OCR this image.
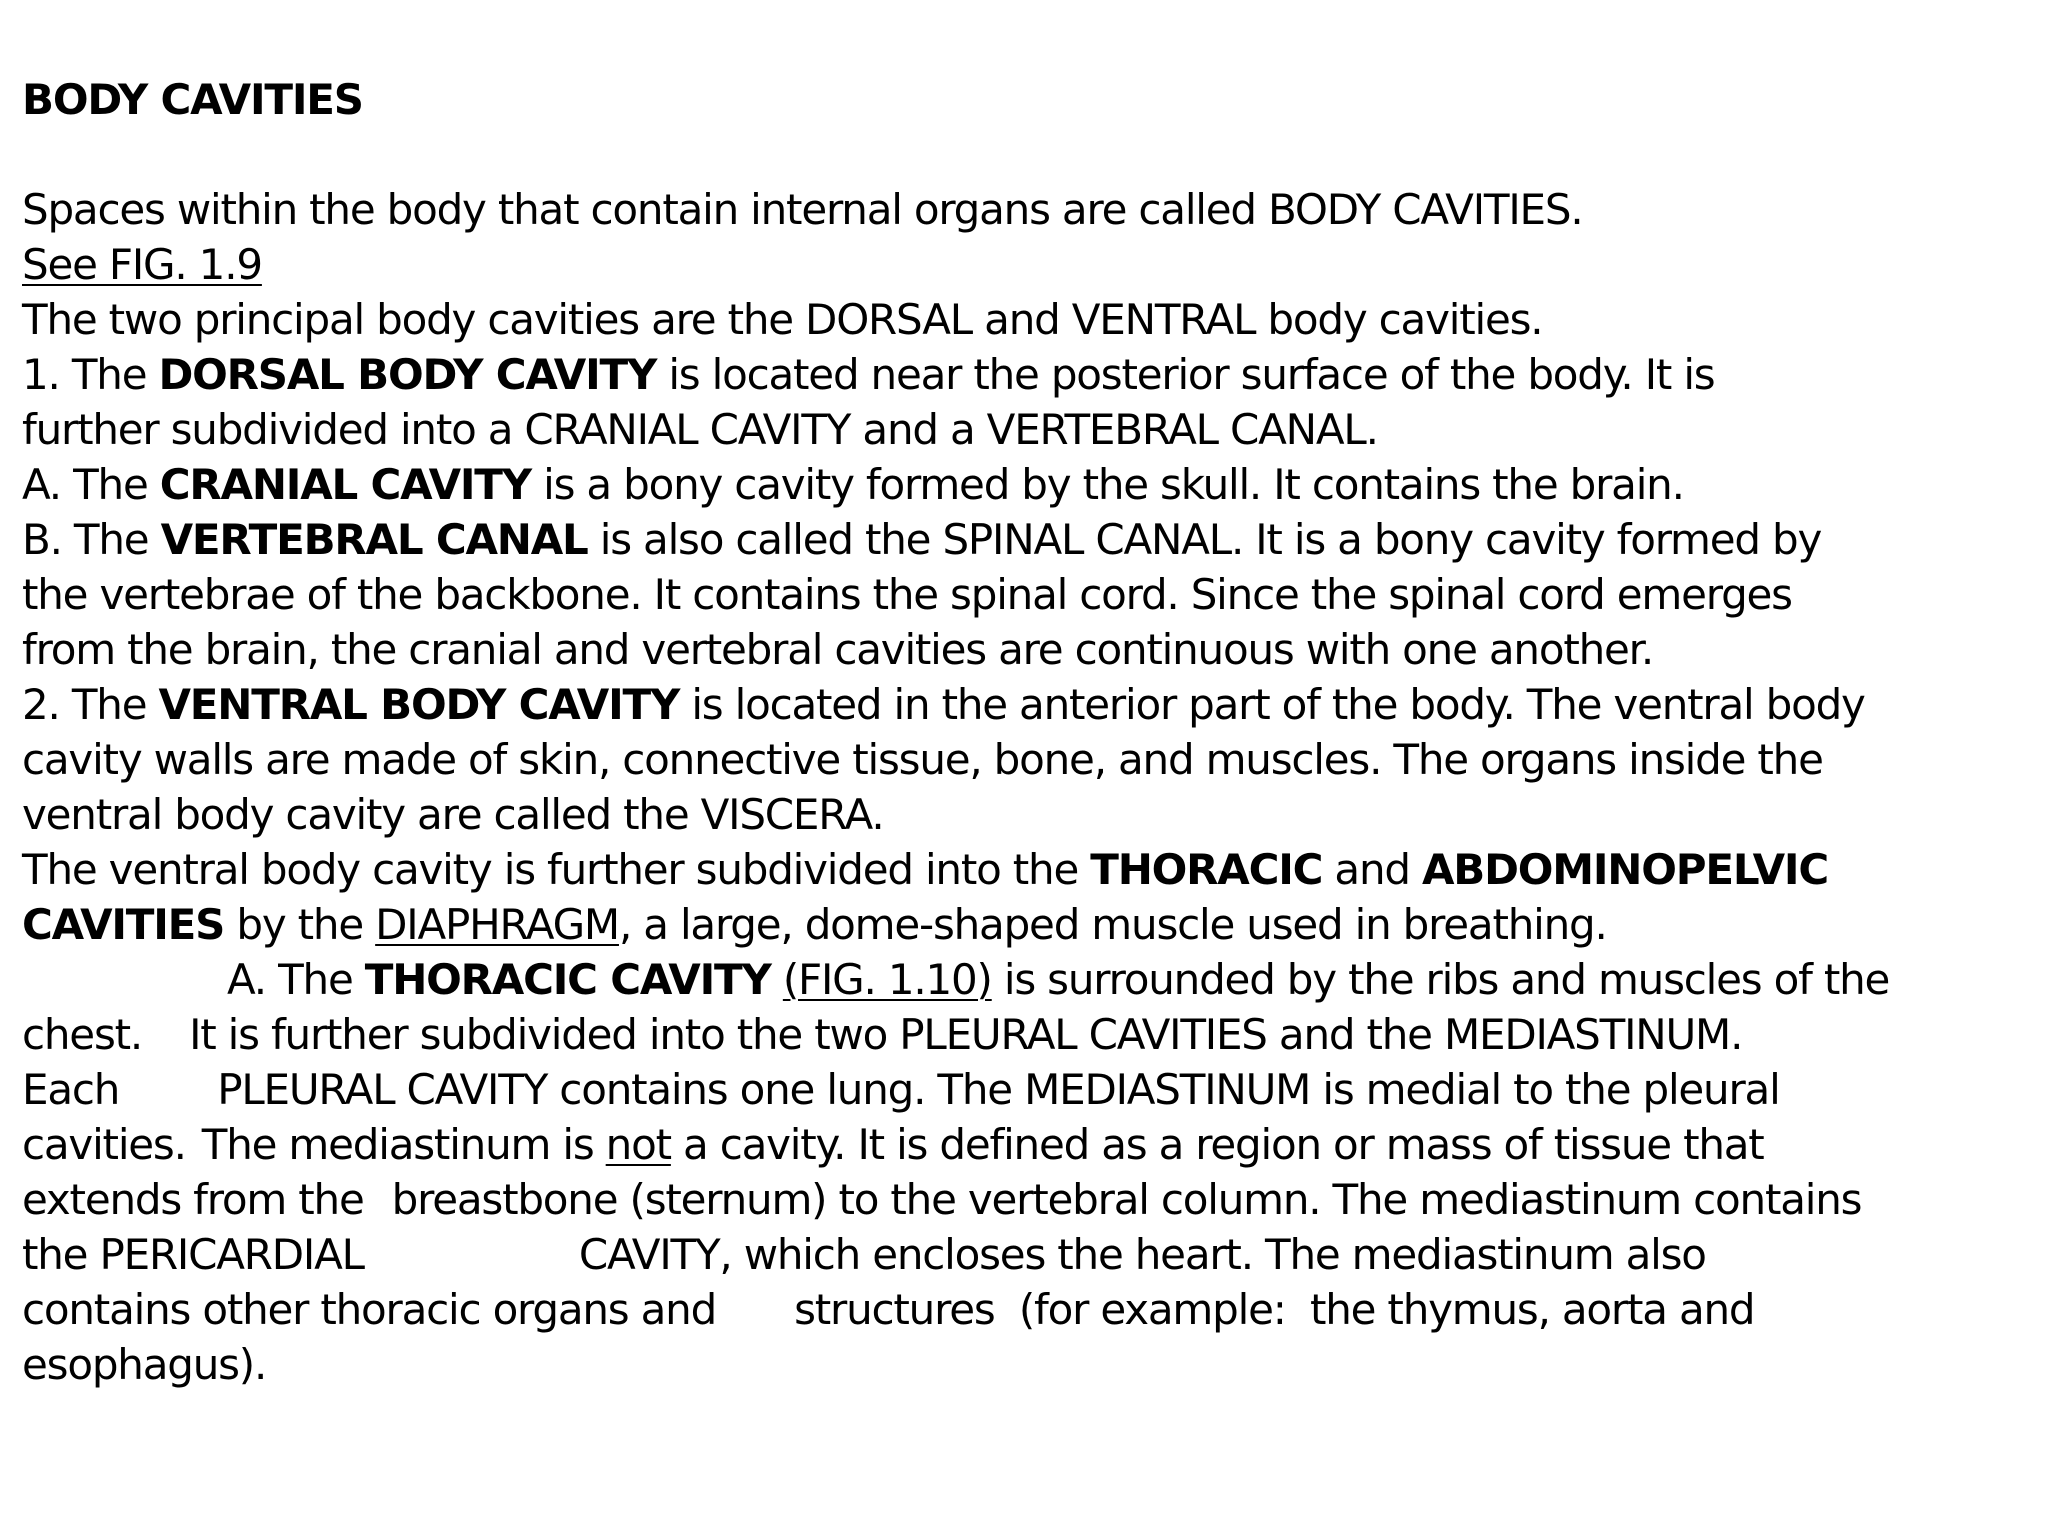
BODY CAVITIES
Spaces within the body that contain internal organs are called BODY CAVITIES.
See FIG. 1.9
The two principal body cavities are the DORSAL and VENTRAL body cavities.
1. The DORSAL BODY CAVITY is located near the posterior surface of the body. It is
further subdivided into a CRANIAL CAVITY and a VERTEBRAL CANAL.
A. The CRANIAL CAVITY is a bony cavity formed by the skull. It contains the brain.
B. The VERTEBRAL CANAL is also called the SPINAL CANAL. It is a bony cavity formed by
the vertebrae of the backbone. It contains the spinal cord. Since the spinal cord emerges
from the brain, the cranial and vertebral cavities are continuous with one another.
2. The VENTRAL BODY CAVITY is located in the anterior part of the body. The ventral body
cavity walls are made of skin, connective tissue, bone, and muscles. The organs inside the
ventral body cavity are called the VISCERA.
The ventral body cavity is further subdivided into the THORACIC and ABDOMINOPELVIC
CAVITIES by the DIAPHRAGM, a large, dome-shaped muscle used in breathing.
A. The THORACIC CAVITY (FIG. 1.10) is surrounded by the ribs and muscles of the
chest. It is further subdivided into the two PLEURAL CAVITIES and the MEDIASTINUM.
Each PLEURAL CAVITY contains one lung. The MEDIASTINUM is medial to the pleural
cavities. The mediastinum is not a cavity. It is defined as a region or mass of tissue that
extends from the breastbone (sternum) to the vertebral column. The mediastinum contains
the PERICARDIAL	CAVITY, which encloses the heart. The mediastinum also
contains other thoracic organs and structures  (for example:  the thymus, aorta and
esophagus).
